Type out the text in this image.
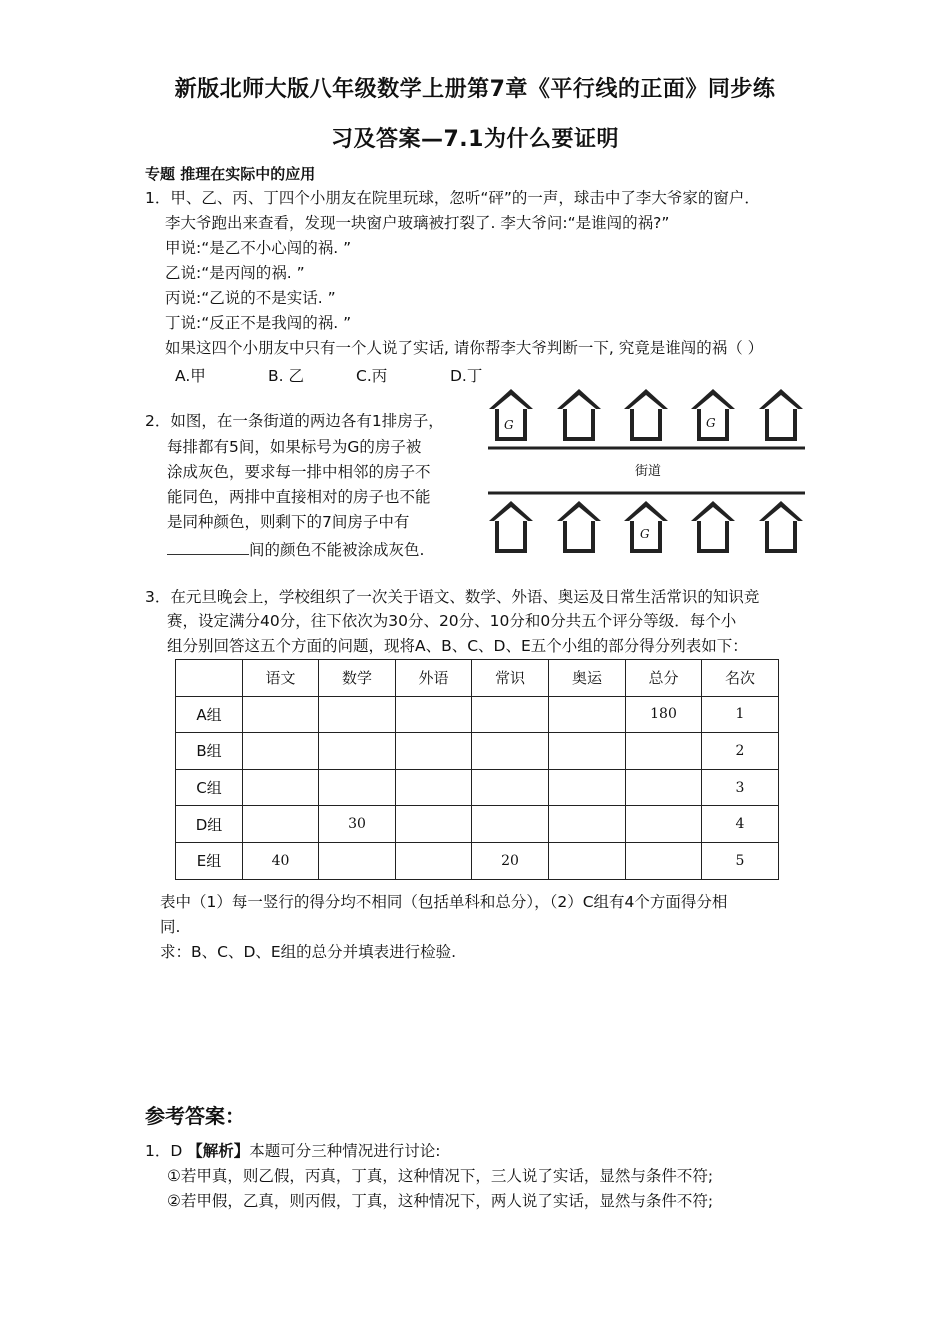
新版北师大版八年级数学上册第7章《平行线的正面》同步练
习及答案—7.1为什么要证明
专题 推理在实际中的应用
1．甲、乙、丙、丁四个小朋友在院里玩球，忽听“砰”的一声，球击中了李大爷家的窗户．
李大爷跑出来查看，发现一块窗户玻璃被打裂了. 李大爷问:“是谁闯的祸?”
甲说:“是乙不小心闯的祸. ”
乙说:“是丙闯的祸. ”
丙说:“乙说的不是实话. ”
丁说:“反正不是我闯的祸. ”
如果这四个小朋友中只有一个人说了实话, 请你帮李大爷判断一下, 究竟是谁闯的祸（ ）
A.甲	B. 乙	C.丙	D.丁
2．如图，在一条街道的两边各有1排房子，
每排都有5间，如果标号为G的房子被
涂成灰色，要求每一排中相邻的房子不
能同色，两排中直接相对的房子也不能
是同种颜色，则剩下的7间房子中有
间的颜色不能被涂成灰色.
G	G
街道
G
3．在元旦晚会上，学校组织了一次关于语文、数学、外语、奥运及日常生活常识的知识竞
赛，设定满分40分，往下依次为30分、20分、10分和0分共五个评分等级．每个小
组分别回答这五个方面的问题，现将A、B、C、D、E五个小组的部分得分列表如下：
	语文	数学	外语	常识	奥运	总分	名次
A组						180	1
B组							2
C组							3
D组		30					4
E组	40			20			5
表中（1）每一竖行的得分均不相同（包括单科和总分），（2）C组有4个方面得分相
同.
求：B、C、D、E组的总分并填表进行检验.
参考答案：
1．D 【解析】本题可分三种情况进行讨论:
①若甲真，则乙假，丙真，丁真，这种情况下，三人说了实话，显然与条件不符;
②若甲假，乙真，则丙假，丁真，这种情况下，两人说了实话，显然与条件不符;
